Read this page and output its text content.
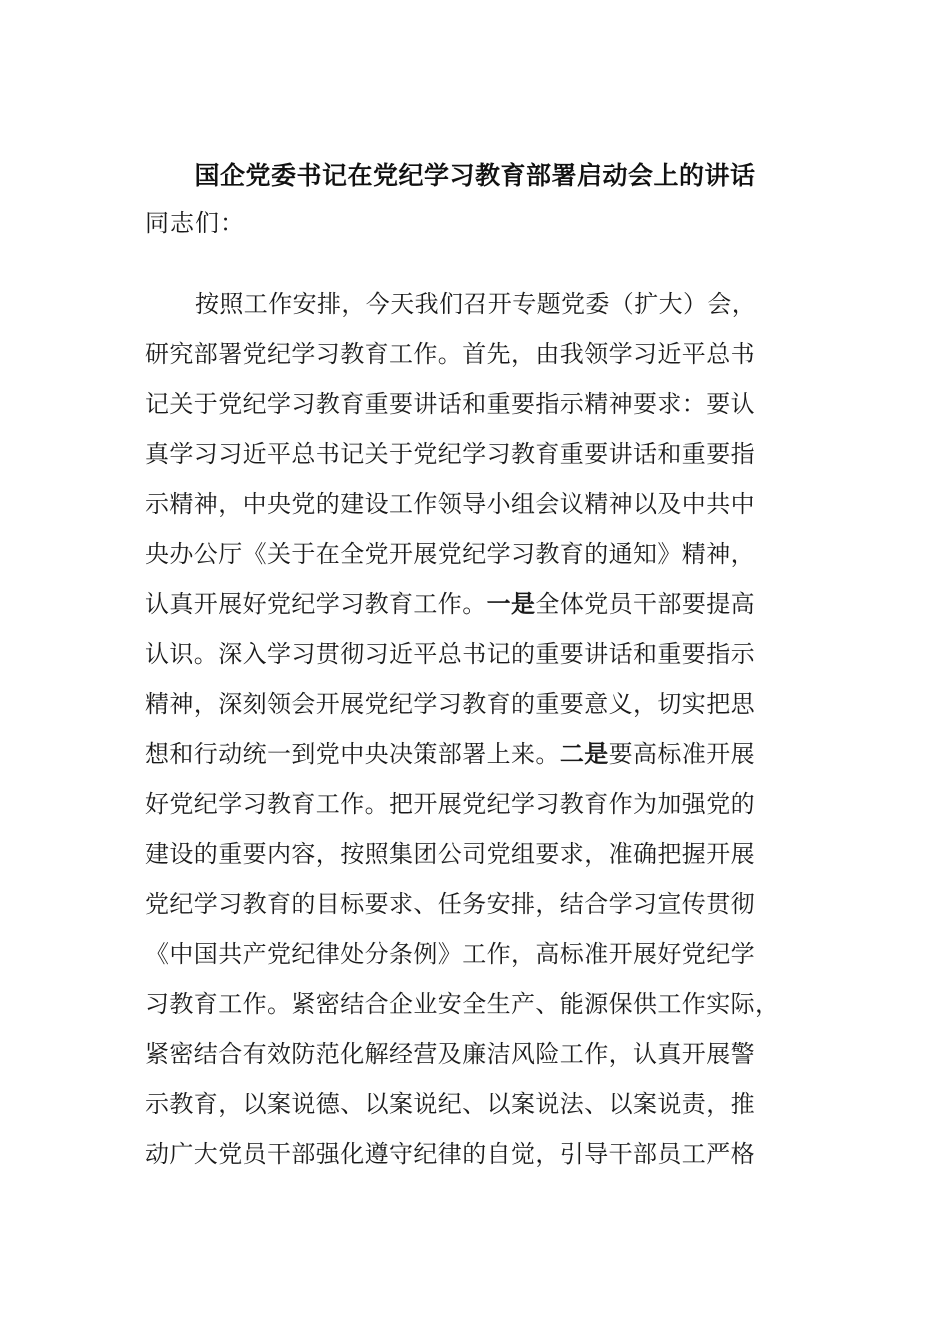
国企党委书记在党纪学习教育部署启动会上的讲话
同志们：
按照工作安排，今天我们召开专题党委（扩大）会，
研究部署党纪学习教育工作。首先，由我领学习近平总书
记关于党纪学习教育重要讲话和重要指示精神要求：要认
真学习习近平总书记关于党纪学习教育重要讲话和重要指
示精神，中央党的建设工作领导小组会议精神以及中共中
央办公厅《关于在全党开展党纪学习教育的通知》精神，
认真开展好党纪学习教育工作。一是全体党员干部要提高
认识。深入学习贯彻习近平总书记的重要讲话和重要指示
精神，深刻领会开展党纪学习教育的重要意义，切实把思
想和行动统一到党中央决策部署上来。二是要高标准开展
好党纪学习教育工作。把开展党纪学习教育作为加强党的
建设的重要内容，按照集团公司党组要求，准确把握开展
党纪学习教育的目标要求、任务安排，结合学习宣传贯彻
《中国共产党纪律处分条例》工作，高标准开展好党纪学
习教育工作。紧密结合企业安全生产、能源保供工作实际，
紧密结合有效防范化解经营及廉洁风险工作，认真开展警
示教育，以案说德、以案说纪、以案说法、以案说责，推
动广大党员干部强化遵守纪律的自觉，引导干部员工严格
